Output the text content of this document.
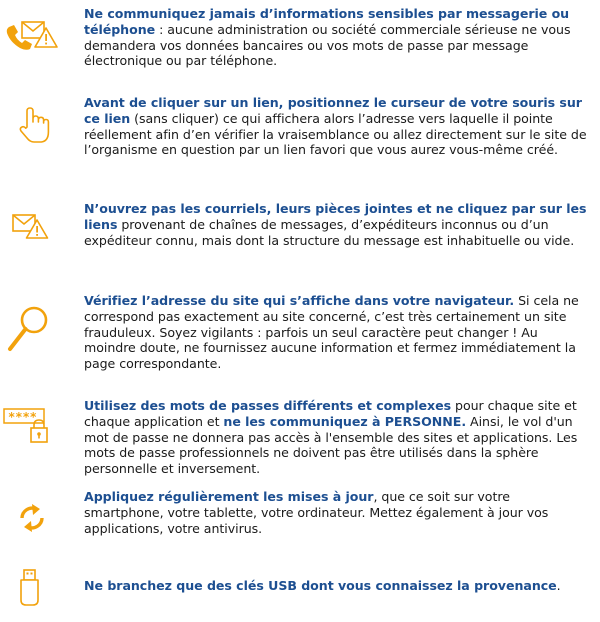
Ne communiquez jamais d’informations sensibles par messagerie ou téléphone : aucune administration ou société commerciale sérieuse ne vous demandera vos données bancaires ou vos mots de passe par message électronique ou par téléphone.
Avant de cliquer sur un lien, positionnez le curseur de votre souris sur ce lien (sans cliquer) ce qui affichera alors l’adresse vers laquelle il pointe réellement afin d’en vérifier la vraisemblance ou allez directement sur le site de l’organisme en question par un lien favori que vous aurez vous-même créé.
N’ouvrez pas les courriels, leurs pièces jointes et ne cliquez par sur les liens provenant de chaînes de messages, d’expéditeurs inconnus ou d’un expéditeur connu, mais dont la structure du message est inhabituelle ou vide.
Vérifiez l’adresse du site qui s’affiche dans votre navigateur. Si cela ne correspond pas exactement au site concerné, c’est très certainement un site frauduleux. Soyez vigilants : parfois un seul caractère peut changer ! Au moindre doute, ne fournissez aucune information et fermez immédiatement la page correspondante.
****
Utilisez des mots de passes différents et complexes pour chaque site et chaque application et ne les communiquez à PERSONNE. Ainsi, le vol d'un mot de passe ne donnera pas accès à l'ensemble des sites et applications. Les mots de passe professionnels ne doivent pas être utilisés dans la sphère personnelle et inversement.
Appliquez régulièrement les mises à jour, que ce soit sur votre smartphone, votre tablette, votre ordinateur. Mettez également à jour vos applications, votre antivirus.
Ne branchez que des clés USB dont vous connaissez la provenance.
